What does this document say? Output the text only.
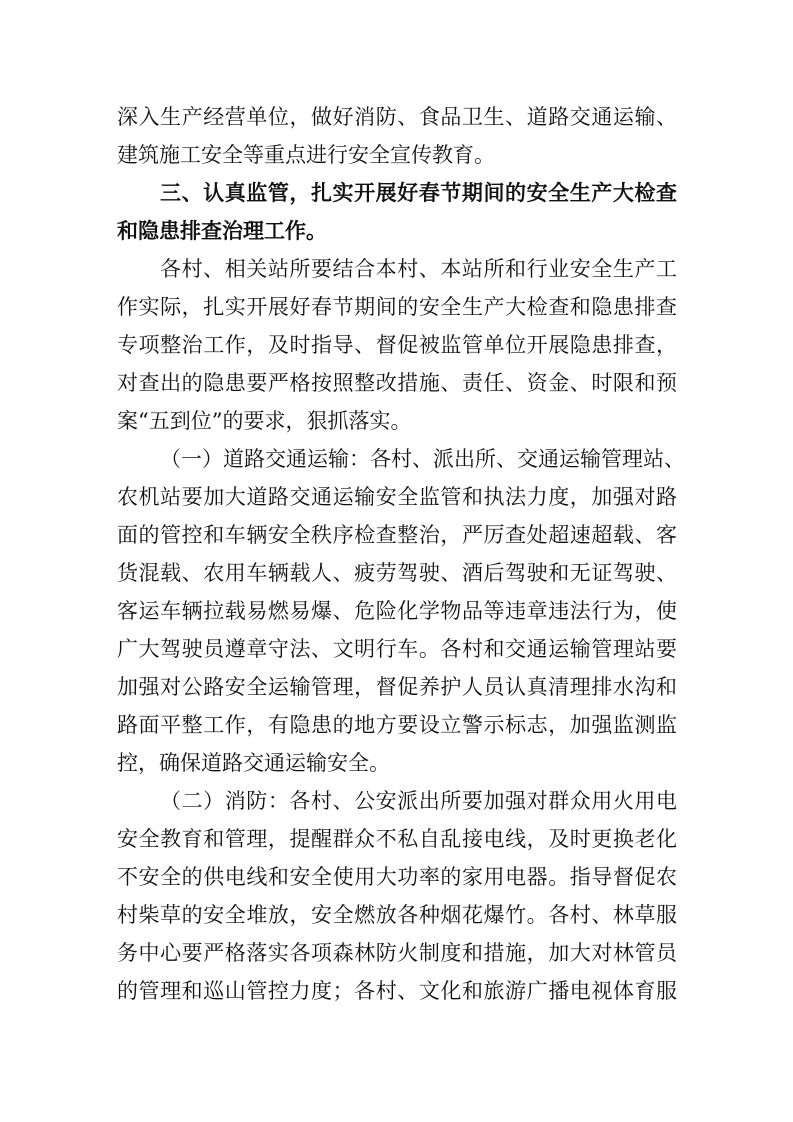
深入生产经营单位，做好消防、食品卫生、道路交通运输、
建筑施工安全等重点进行安全宣传教育。
三、认真监管，扎实开展好春节期间的安全生产大检查
和隐患排查治理工作。
各村、相关站所要结合本村、本站所和行业安全生产工
作实际，扎实开展好春节期间的安全生产大检查和隐患排查
专项整治工作，及时指导、督促被监管单位开展隐患排查，
对查出的隐患要严格按照整改措施、责任、资金、时限和预
案“五到位”的要求，狠抓落实。
（一）道路交通运输：各村、派出所、交通运输管理站、
农机站要加大道路交通运输安全监管和执法力度，加强对路
面的管控和车辆安全秩序检查整治，严厉查处超速超载、客
货混载、农用车辆载人、疲劳驾驶、酒后驾驶和无证驾驶、
客运车辆拉载易燃易爆、危险化学物品等违章违法行为，使
广大驾驶员遵章守法、文明行车。各村和交通运输管理站要
加强对公路安全运输管理，督促养护人员认真清理排水沟和
路面平整工作，有隐患的地方要设立警示标志，加强监测监
控，确保道路交通运输安全。
（二）消防：各村、公安派出所要加强对群众用火用电
安全教育和管理，提醒群众不私自乱接电线，及时更换老化
不安全的供电线和安全使用大功率的家用电器。指导督促农
村柴草的安全堆放，安全燃放各种烟花爆竹。各村、林草服
务中心要严格落实各项森林防火制度和措施，加大对林管员
的管理和巡山管控力度；各村、文化和旅游广播电视体育服
